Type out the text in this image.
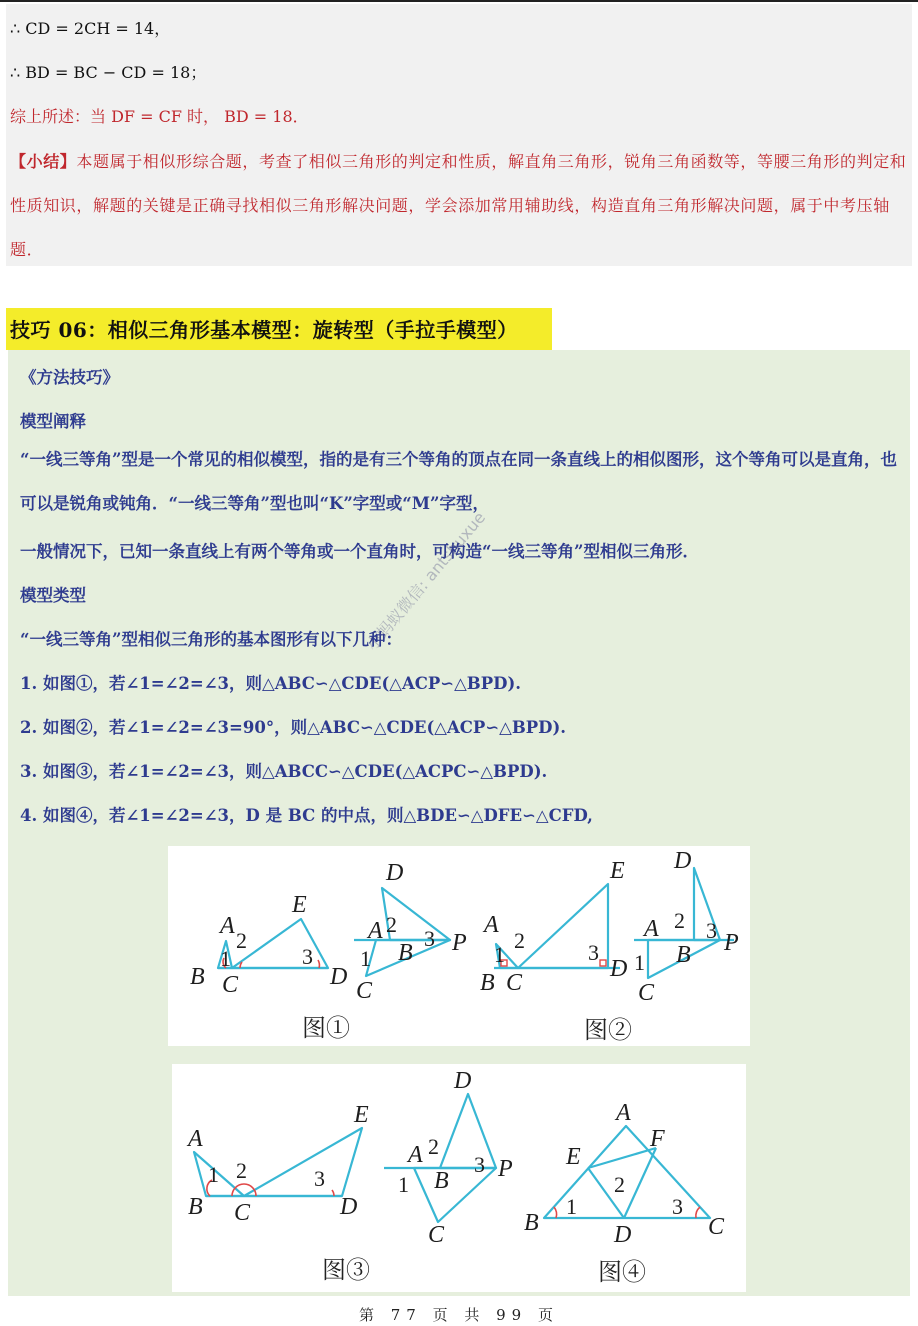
∴ CD = 2CH = 14，
∴ BD = BC − CD = 18；
综上所述：当 DF = CF 时， BD = 18．
【小结】本题属于相似形综合题，考查了相似三角形的判定和性质，解直角三角形，锐角三角函数等，等腰三角形的判定和性质知识，解题的关键是正确寻找相似三角形解决问题，学会添加常用辅助线，构造直角三角形解决问题，属于中考压轴题．
技巧 06：相似三角形基本模型：旋转型（手拉手模型）
《方法技巧》
模型阐释
“一线三等角”型是一个常见的相似模型，指的是有三个等角的顶点在同一条直线上的相似图形，这个等角可以是直角，也可以是锐角或钝角．“一线三等角”型也叫“K”字型或“M”字型，
一般情况下，已知一条直线上有两个等角或一个直角时，可构造“一线三等角”型相似三角形．
模型类型
“一线三等角”型相似三角形的基本图形有以下几种：
1. 如图①，若∠1=∠2=∠3，则△ABC∽△CDE(△ACP∽△BPD).
2. 如图②，若∠1=∠2=∠3=90°，则△ABC∽△CDE(△ACP∽△BPD).
3. 如图③，若∠1=∠2=∠3，则△ABCC∽△CDE(△ACPC∽△BPD).
4. 如图④，若∠1=∠2=∠3，D 是 BC 的中点，则△BDE∽△DFE∽△CFD,
A
B C	D
E
1
2
3
D
A
B
C
P
2
1
3
A
B C
D
E
1
2	3
D
A
B
C
P
2
1
3
图①	图②
A
B C	D
E
1 2	3
D
A
B
C
P
2
1
3
A
B	C
D
E
F
1
2
3
图③	图④
小蚂蚁微信: antshuxue
第 77 页 共 99 页
